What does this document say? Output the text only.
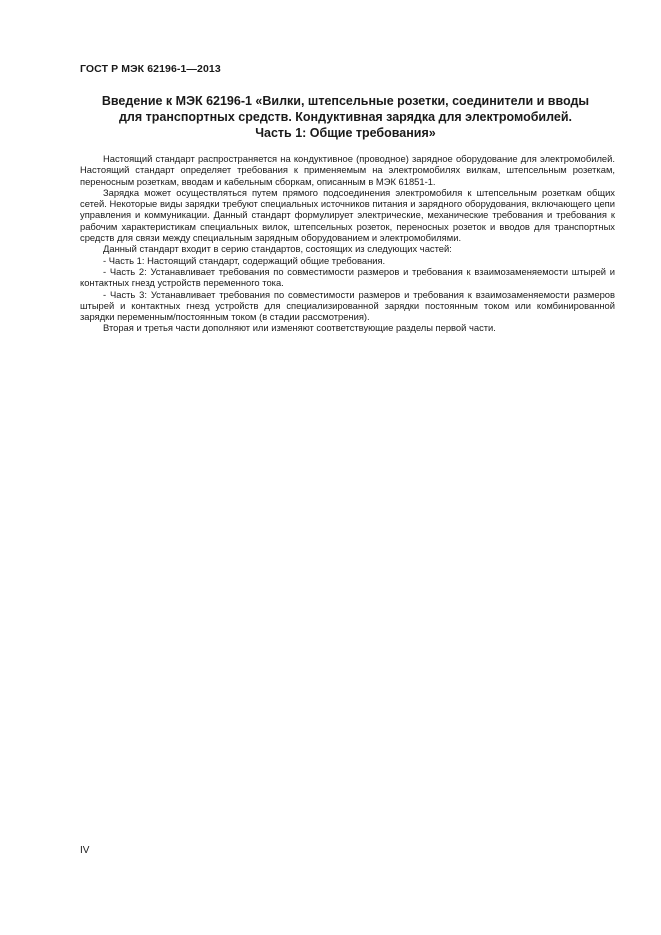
ГОСТ Р МЭК 62196-1—2013
Введение к МЭК 62196-1 «Вилки, штепсельные розетки, соединители и вводы
для транспортных средств. Кондуктивная зарядка для электромобилей.
Часть 1: Общие требования»

Настоящий стандарт распространяется на кондуктивное (проводное) зарядное оборудование для электромобилей. Настоящий стандарт определяет требования к применяемым на электромобилях вилкам, штепсельным розеткам, переносным розеткам, вводам и кабельным сборкам, описанным в МЭК 61851-1.

Зарядка может осуществляться путем прямого подсоединения электромобиля к штепсельным розеткам общих сетей. Некоторые виды зарядки требуют специальных источников питания и зарядного оборудования, включающего цепи управления и коммуникации. Данный стандарт формулирует электрические, механические требования и требования к рабочим характеристикам специальных вилок, штепсельных розеток, переносных розеток и вводов для транспортных средств для связи между специальным зарядным оборудованием и электромобилями.

Данный стандарт входит в серию стандартов, состоящих из следующих частей:

- Часть 1: Настоящий стандарт, содержащий общие требования.

- Часть 2: Устанавливает требования по совместимости размеров и требования к взаимозаменяемости штырей и контактных гнезд устройств переменного тока.

- Часть 3: Устанавливает требования по совместимости размеров и требования к взаимозаменяемости размеров штырей и контактных гнезд устройств для специализированной зарядки постоянным током или комбинированной зарядки переменным/постоянным током (в стадии рассмотрения).

Вторая и третья части дополняют или изменяют соответствующие разделы первой части.

IV
